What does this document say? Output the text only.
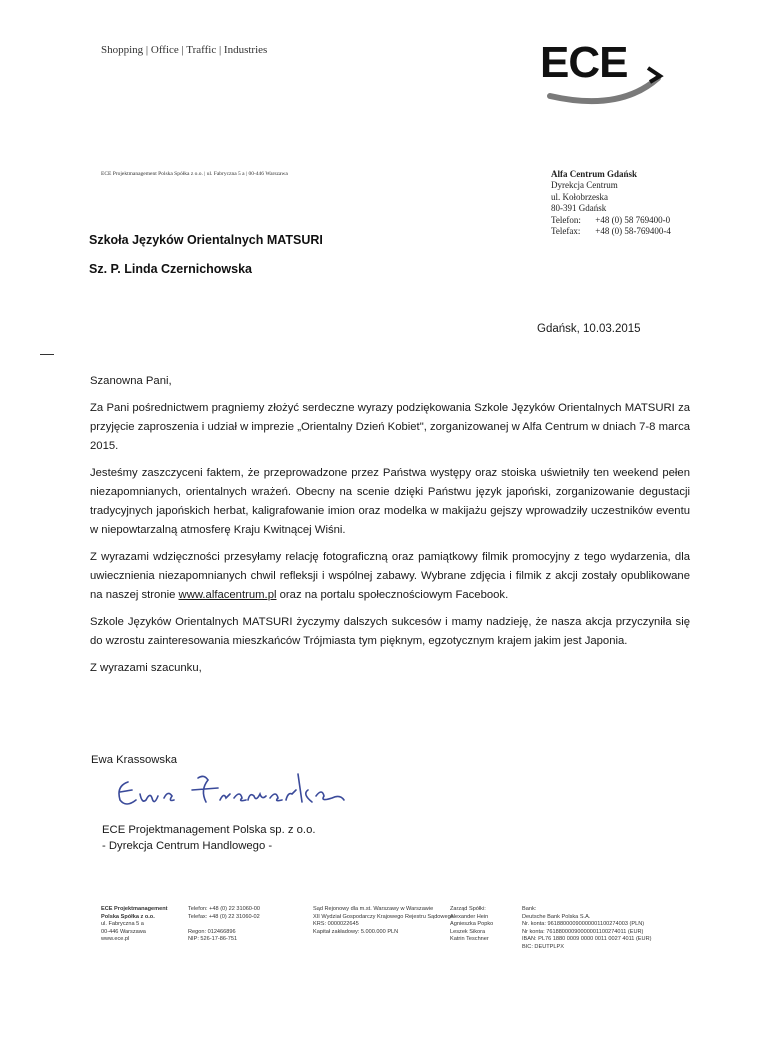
Shopping | Office | Traffic | Industries	ECE
ECE Projektmanagement Polska Spółka z o.o. | ul. Fabryczna 5 a | 00-446 Warszawa	Alfa Centrum Gdańsk
Dyrekcja Centrum
ul. Kołobrzeska
80-391 Gdańsk
Telefon: +48 (0) 58 769400-0
Telefax: +48 (0) 58-769400-4
Szkoła Języków Orientalnych MATSURI
Sz. P. Linda Czernichowska
Gdańsk, 10.03.2015

Szanowna Pani,

Za Pani pośrednictwem pragniemy złożyć serdeczne wyrazy podziękowania Szkole Języków Orientalnych MATSURI za przyjęcie zaproszenia i udział w imprezie „Orientalny Dzień Kobiet", zorganizowanej w Alfa Centrum w dniach 7-8 marca 2015.

Jesteśmy zaszczyceni faktem, że przeprowadzone przez Państwa występy oraz stoiska uświetniły ten weekend pełen niezapomnianych, orientalnych wrażeń. Obecny na scenie dzięki Państwu język japoński, zorganizowanie degustacji tradycyjnych japońskich herbat, kaligrafowanie imion oraz modelka w makijażu gejszy wprowadziły uczestników eventu w niepowtarzalną atmosferę Kraju Kwitnącej Wiśni.

Z wyrazami wdzięczności przesyłamy relację fotograficzną oraz pamiątkowy filmik promocyjny z tego wydarzenia, dla uwiecznienia niezapomnianych chwil refleksji i wspólnej zabawy. Wybrane zdjęcia i filmik z akcji zostały opublikowane na naszej stronie www.alfacentrum.pl oraz na portalu społecznościowym Facebook.

Szkole Języków Orientalnych MATSURI życzymy dalszych sukcesów i mamy nadzieję, że nasza akcja przyczyniła się do wzrostu zainteresowania mieszkańców Trójmiasta tym pięknym, egzotycznym krajem jakim jest Japonia.

Z wyrazami szacunku,

Ewa Krassowska
ECE Projektmanagement Polska sp. z o.o.
- Dyrekcja Centrum Handlowego -
ECE Projektmanagement
Polska Spółka z o.o.
ul. Fabryczna 5 a
00-446 Warszawa
www.ece.pl
Telefon: +48 (0) 22 31060-00
Telefax: +48 (0) 22 31060-02

Regon: 012466896
NIP: 526-17-86-751
Sąd Rejonowy dla m.st. Warszawy w Warszawie
XII Wydział Gospodarczy Krajowego Rejestru Sądowego
KRS: 0000022645
Kapitał zakładowy: 5.000.000 PLN
Zarząd Spółki:
Alexander Hein
Agnieszka Popko
Leszek Sikora
Katrin Teschner
Bank:
Deutsche Bank Polska S.A.
Nr. konta: 96188000090000001100274003 (PLN)
Nr konta: 76188000090000001100274011 (EUR)
IBAN: PL76 1880 0009 0000 0011 0027 4011 (EUR)
BIC: DEUTPLPX
